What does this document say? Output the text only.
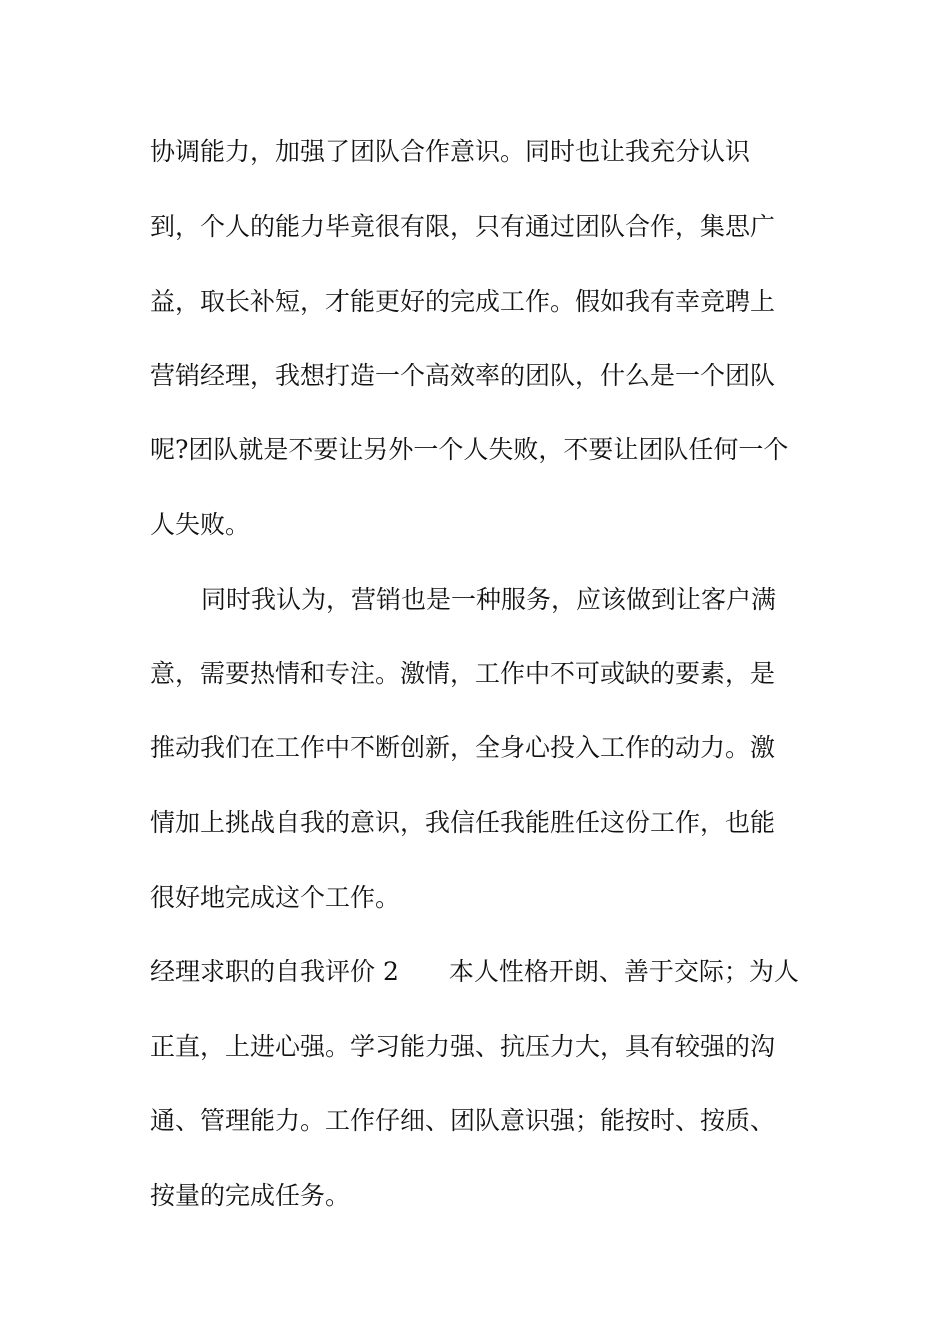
协调能力，加强了团队合作意识。同时也让我充分认识
到，个人的能力毕竟很有限，只有通过团队合作，集思广
益，取长补短，才能更好的完成工作。假如我有幸竞聘上
营销经理，我想打造一个高效率的团队，什么是一个团队
呢?团队就是不要让另外一个人失败，不要让团队任何一个
人失败。
同时我认为，营销也是一种服务，应该做到让客户满
意，需要热情和专注。激情，工作中不可或缺的要素，是
推动我们在工作中不断创新，全身心投入工作的动力。激
情加上挑战自我的意识，我信任我能胜任这份工作，也能
很好地完成这个工作。
经理求职的自我评价 2　　本人性格开朗、善于交际；为人
正直，上进心强。学习能力强、抗压力大，具有较强的沟
通、管理能力。工作仔细、团队意识强；能按时、按质、
按量的完成任务。
